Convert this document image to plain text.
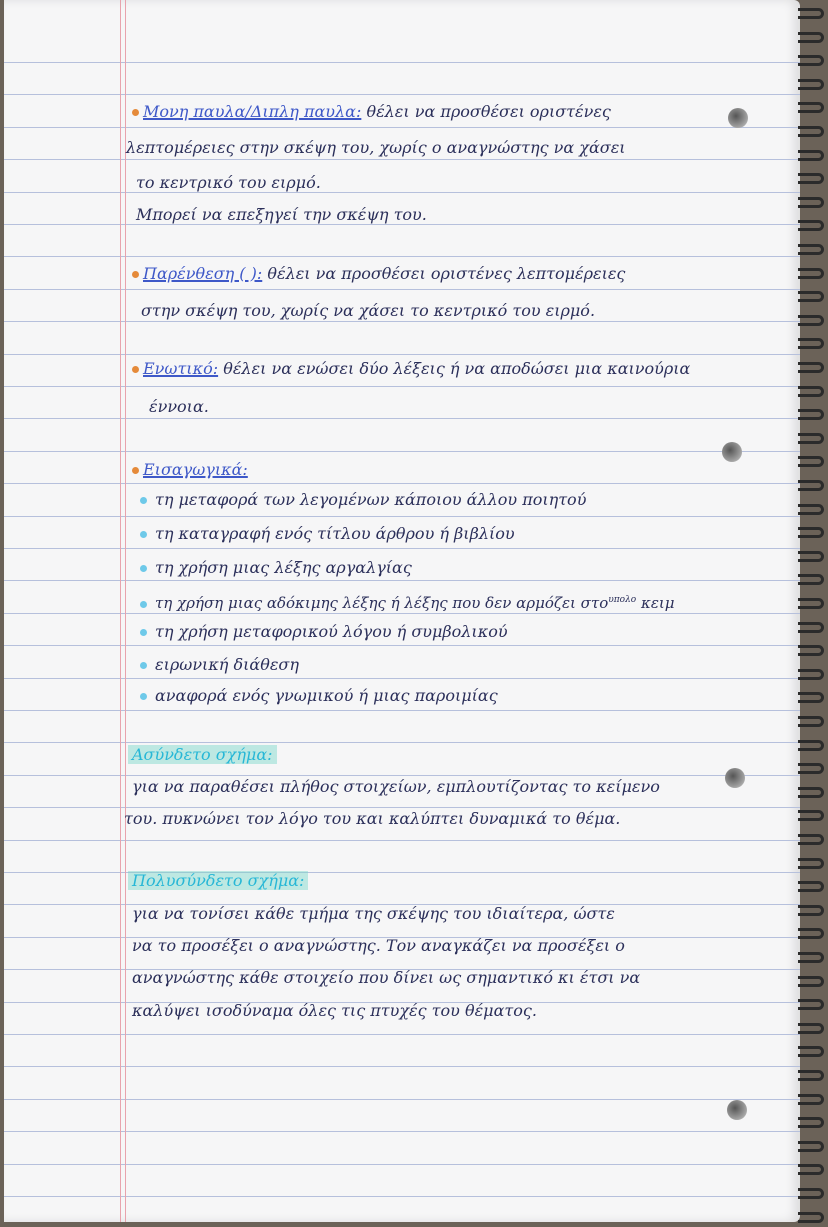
Μονη παυλα/Διπλη παυλα: θέλει να προσθέσει οριστένες
λεπτομέρειες στην σκέψη του, χωρίς ο αναγνώστης να χάσει
το κεντρικό του ειρμό.
Μπορεί να επεξηγεί την σκέψη του.
Παρένθεση ( ): θέλει να προσθέσει οριστένες λεπτομέρειες
στην σκέψη του, χωρίς να χάσει το κεντρικό του ειρμό.
Ενωτικό: θέλει να ενώσει δύο λέξεις ή να αποδώσει μια καινούρια
έννοια.
Εισαγωγικά:
τη μεταφορά των λεγομένων κάποιου άλλου ποιητού
τη καταγραφή ενός τίτλου άρθρου ή βιβλίου
τη χρήση μιας λέξης αργαλγίας
τη χρήση μιας αδόκιμης λέξης ή λέξης που δεν αρμόζει στο$^{\upsilon\pi o\lambda o}$ κειμ
τη χρήση μεταφορικού λόγου ή συμβολικού
ειρωνική διάθεση
αναφορά ενός γνωμικού ή μιας παροιμίας
Ασύνδετο σχήμα:
για να παραθέσει πλήθος στοιχείων, εμπλουτίζοντας το κείμενο
του. πυκνώνει τον λόγο του και καλύπτει δυναμικά το θέμα.
Πολυσύνδετο σχήμα:
για να τονίσει κάθε τμήμα της σκέψης του ιδιαίτερα, ώστε
να το προσέξει ο αναγνώστης. Τον αναγκάζει να προσέξει ο
αναγνώστης κάθε στοιχείο που δίνει ως σημαντικό κι έτσι να
καλύψει ισοδύναμα όλες τις πτυχές του θέματος.
